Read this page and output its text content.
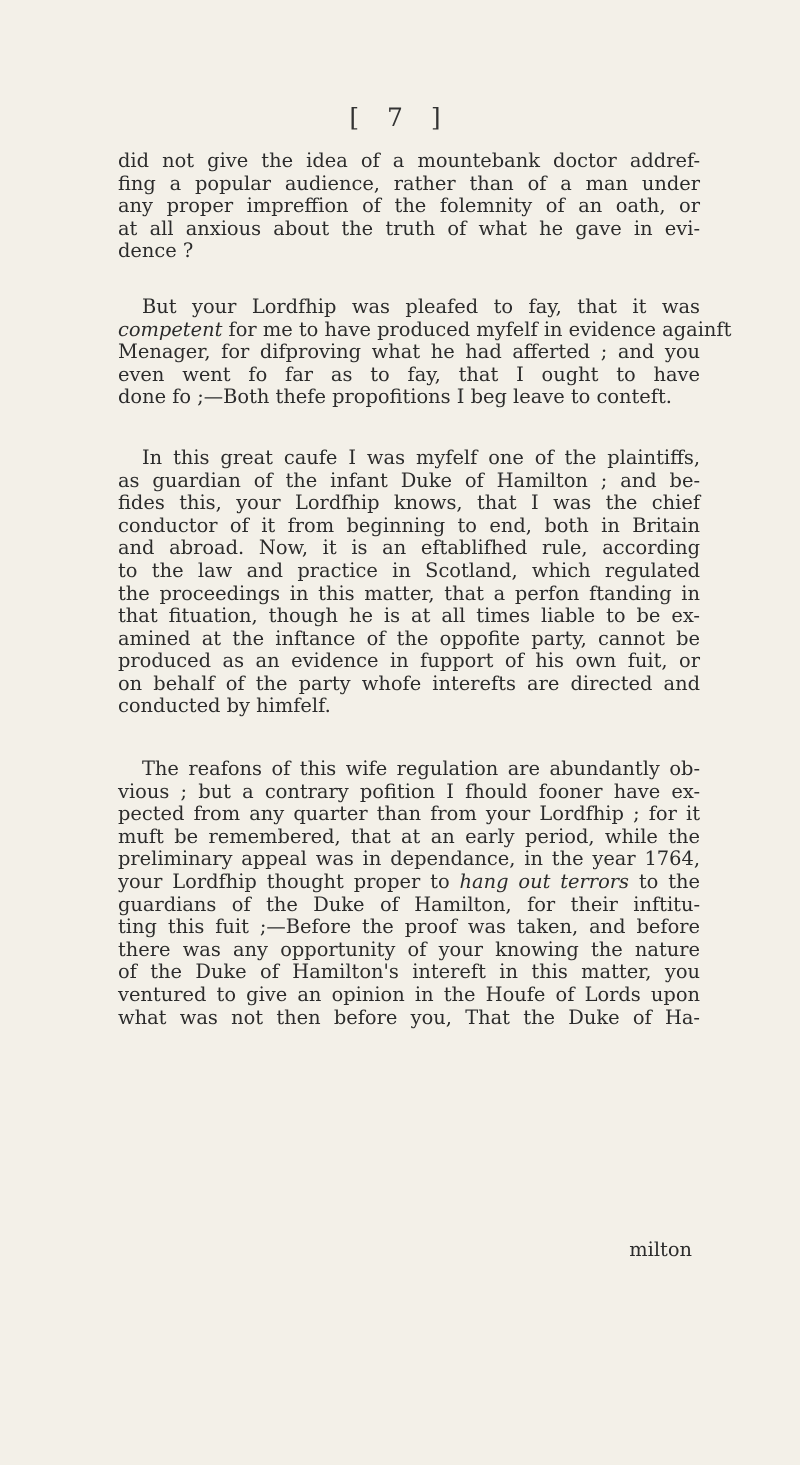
[ 7 ]

did not give the idea of a mountebank doctor addref-
fing a popular audience, rather than of a man under
any proper impreffion of the folemnity of an oath, or
at all anxious about the truth of what he gave in evi-
dence ?

But your Lordfhip was pleafed to fay, that it was
competent for me to have produced myfelf in evidence againft
Menager, for difproving what he had afferted ; and you
even went fo far as to fay, that I ought to have
done fo ;—Both thefe propofitions I beg leave to conteft.

In this great caufe I was myfelf one of the plaintiffs,
as guardian of the infant Duke of Hamilton ; and be-
fides this, your Lordfhip knows, that I was the chief
conductor of it from beginning to end, both in Britain
and abroad. Now, it is an eftablifhed rule, according
to the law and practice in Scotland, which regulated
the proceedings in this matter, that a perfon ftanding in
that fituation, though he is at all times liable to be ex-
amined at the inftance of the oppofite party, cannot be
produced as an evidence in fupport of his own fuit, or
on behalf of the party whofe interefts are directed and
conducted by himfelf.

The reafons of this wife regulation are abundantly ob-
vious ; but a contrary pofition I fhould fooner have ex-
pected from any quarter than from your Lordfhip ; for it
muft be remembered, that at an early period, while the
preliminary appeal was in dependance, in the year 1764,
your Lordfhip thought proper to hang out terrors to the
guardians of the Duke of Hamilton, for their inftitu-
ting this fuit ;—Before the proof was taken, and before
there was any opportunity of your knowing the nature
of the Duke of Hamilton's intereft in this matter, you
ventured to give an opinion in the Houfe of Lords upon
what was not then before you, That the Duke of Ha-

milton
